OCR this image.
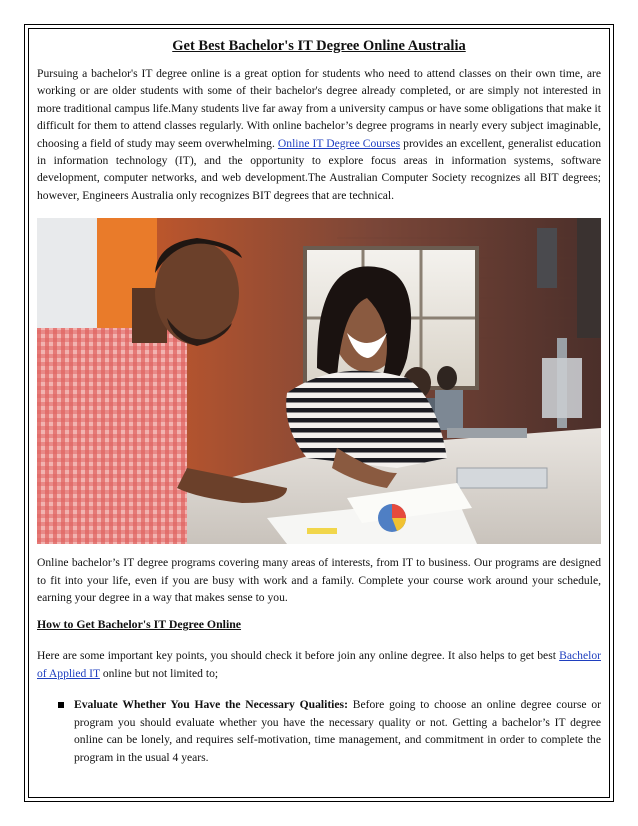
Get Best Bachelor's IT Degree Online Australia

Pursuing a bachelor's IT degree online is a great option for students who need to attend classes on their own time, are working or are older students with some of their bachelor's degree already completed, or are simply not interested in more traditional campus life.Many students live far away from a university campus or have some obligations that make it difficult for them to attend classes regularly. With online bachelor’s degree programs in nearly every subject imaginable, choosing a field of study may seem overwhelming. Online IT Degree Courses provides an excellent, generalist education in information technology (IT), and the opportunity to explore focus areas in information systems, software development, computer networks, and web development.The Australian Computer Society recognizes all BIT degrees; however, Engineers Australia only recognizes BIT degrees that are technical.

Online bachelor’s IT degree programs covering many areas of interests, from IT to business. Our programs are designed to fit into your life, even if you are busy with work and a family. Complete your course work around your schedule, earning your degree in a way that makes sense to you.

How to Get Bachelor's IT Degree Online

Here are some important key points, you should check it before join any online degree. It also helps to get best Bachelor of Applied IT online but not limited to;

Evaluate Whether You Have the Necessary Qualities: Before going to choose an online degree course or program you should evaluate whether you have the necessary quality or not. Getting a bachelor’s IT degree online can be lonely, and requires self-motivation, time management, and commitment in order to complete the program in the usual 4 years.
